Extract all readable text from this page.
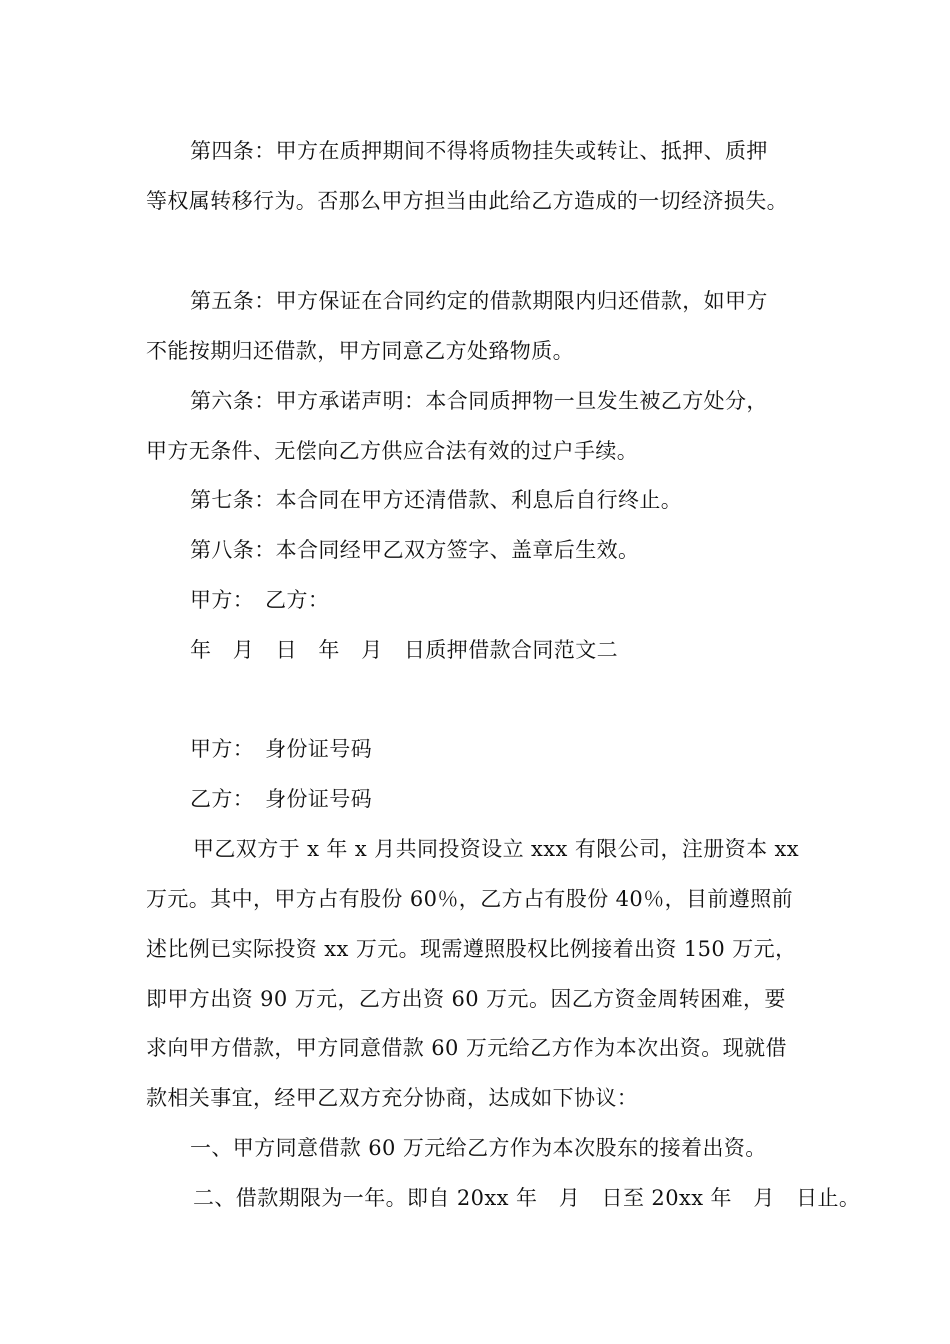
第四条：甲方在质押期间不得将质物挂失或转让、抵押、质押
等权属转移行为。否那么甲方担当由此给乙方造成的一切经济损失。
第五条：甲方保证在合同约定的借款期限内归还借款，如甲方
不能按期归还借款，甲方同意乙方处臵物质。
第六条：甲方承诺声明：本合同质押物一旦发生被乙方处分，
甲方无条件、无偿向乙方供应合法有效的过户手续。
第七条：本合同在甲方还清借款、利息后自行终止。
第八条：本合同经甲乙双方签字、盖章后生效。
甲方：　乙方：
年　月　日　年　月　日质押借款合同范文二
甲方：　身份证号码
乙方：　身份证号码
甲乙双方于 x 年 x 月共同投资设立 xxx 有限公司，注册资本 xx
万元。其中，甲方占有股份 60％，乙方占有股份 40％，目前遵照前
述比例已实际投资 xx 万元。现需遵照股权比例接着出资 150 万元，
即甲方出资 90 万元，乙方出资 60 万元。因乙方资金周转困难，要
求向甲方借款，甲方同意借款 60 万元给乙方作为本次出资。现就借
款相关事宜，经甲乙双方充分协商，达成如下协议：
一、甲方同意借款 60 万元给乙方作为本次股东的接着出资。
二、借款期限为一年。即自 20xx 年　月　日至 20xx 年　月　日止。
